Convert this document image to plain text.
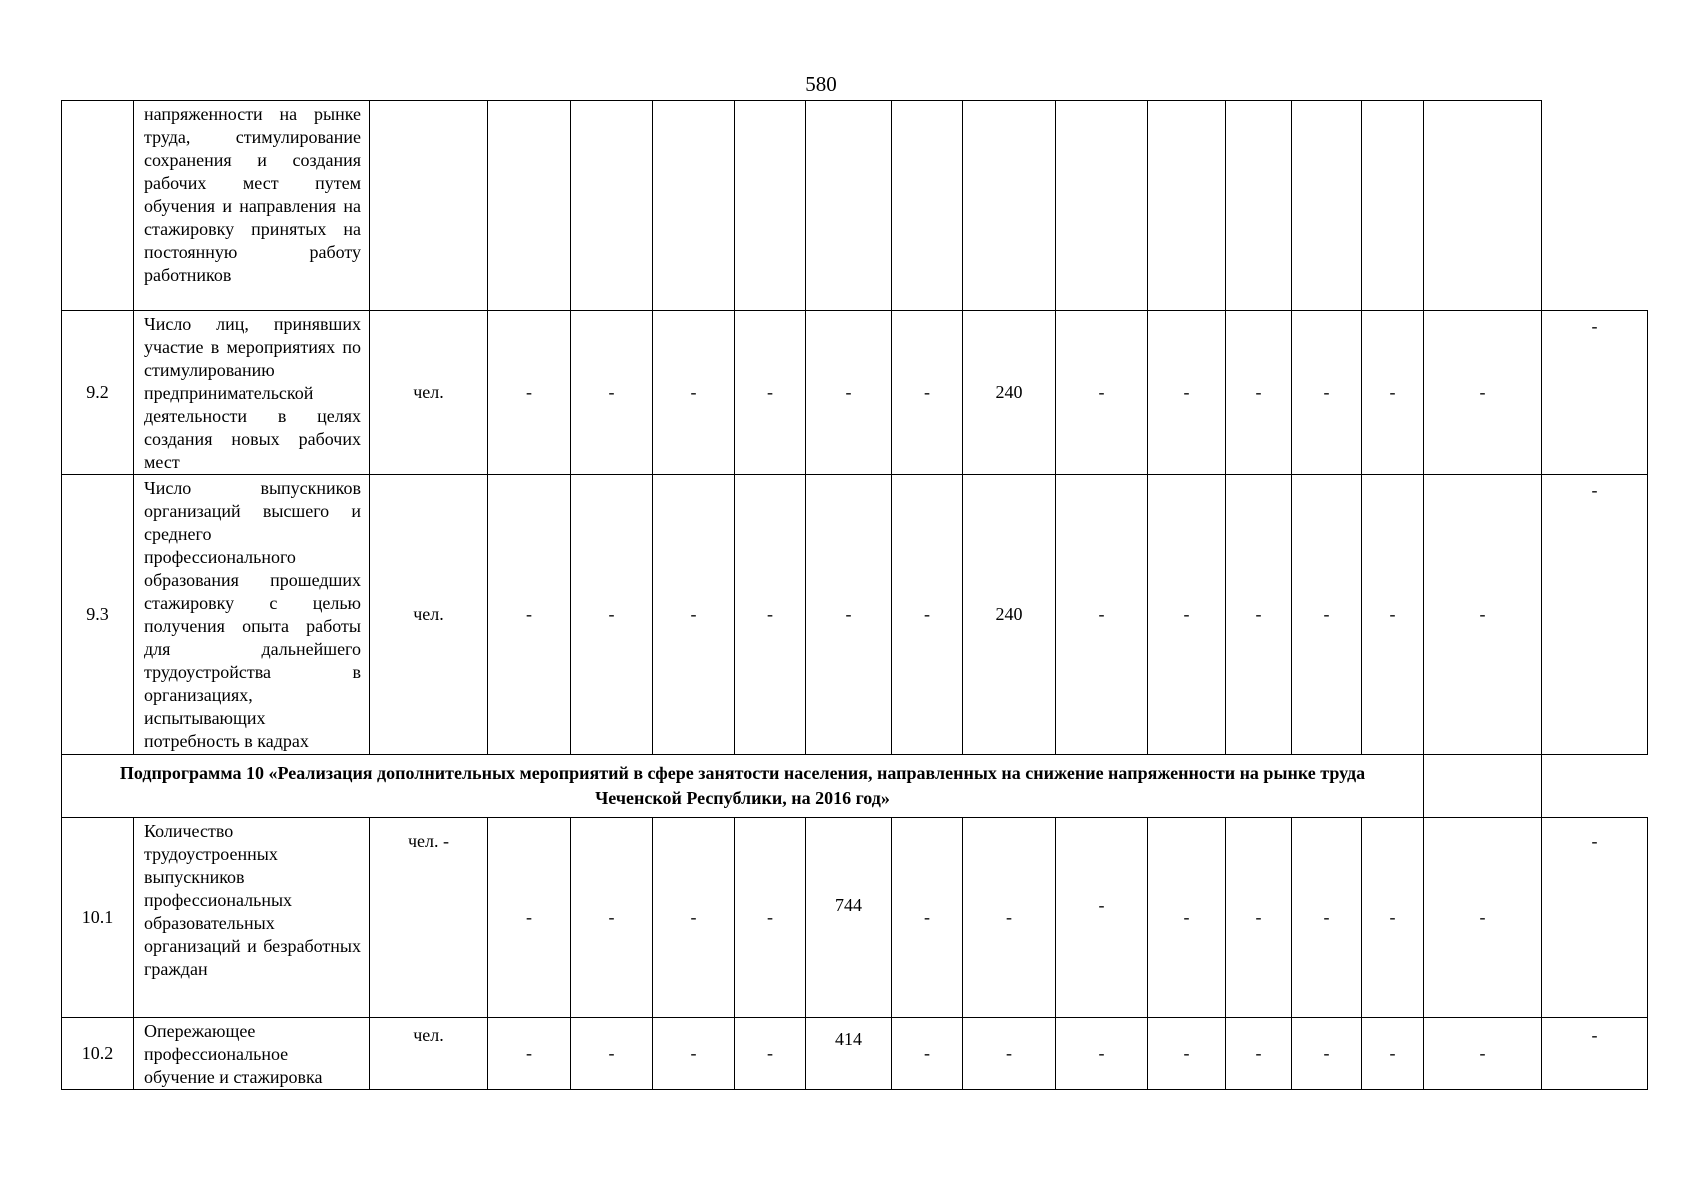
580
	напряженности на рынке труда, стимулирование сохранения и создания рабочих мест путем обучения и направления на стажировку принятых на постоянную работу работников															
9.2	Число лиц, принявших участие в мероприятиях по стимулированию предпринимательской деятельности в целях создания новых рабочих мест	чел.	-	-	-	-	-	-	240	-	-	-	-	-	-	-
9.3	Число выпускников организаций высшего и среднего профессионального образования прошедших стажировку с целью получения опыта работы для дальнейшего трудоустройства в организациях, испытывающих потребность в кадрах	чел.	-	-	-	-	-	-	240	-	-	-	-	-	-	-
Подпрограмма 10 «Реализация дополнительных мероприятий в сфере занятости населения, направленных на снижение напряженности на рынке труда Чеченской Республики, на 2016 год»																
10.1	Количество трудоустроенных выпускников профессиональных образовательных организаций и безработных граждан	чел. -	-	-	-	-	744	-	-	-	-	-	-	-	-	-
10.2	Опережающее профессиональное обучение и стажировка	чел.	-	-	-	-	414	-	-	-	-	-	-	-	-	-
